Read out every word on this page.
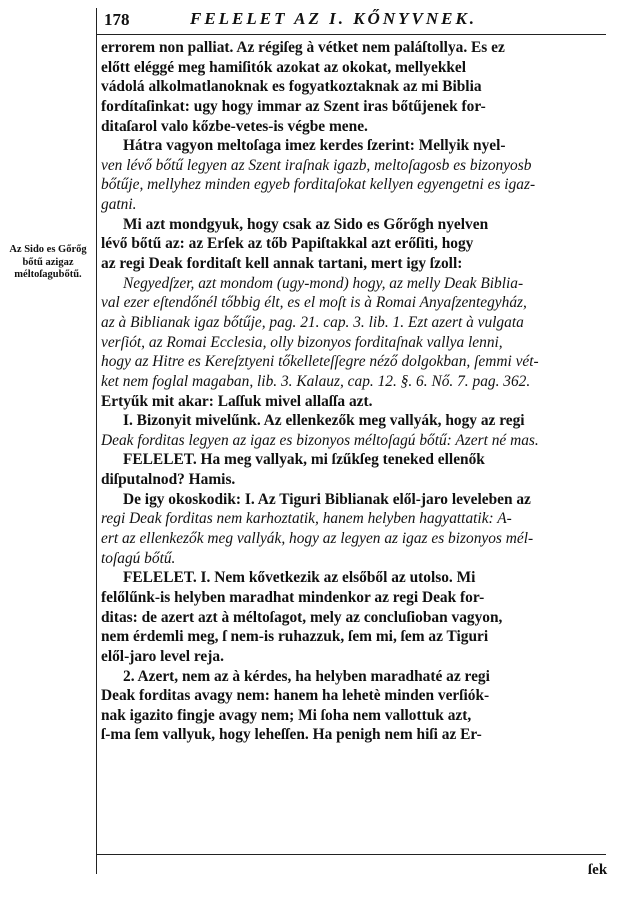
178	FELELET AZ I. KŐNYVNEK.
Az Sido es Gőrőg bőtű azigaz méltoſagubőtű.
errorem non palliat. Az régiſeg à vétket nem paláſtollya. Es ez
előtt eléggé meg hamiſitók azokat az okokat, mellyekkel
vádolá alkolmatlanoknak es fogyatkoztaknak az mi Biblia
fordítaſinkat: ugy hogy immar az Szent iras bőtűjenek for-
ditaſarol valo kőzbe-vetes-is végbe mene.
Hátra vagyon meltoſaga imez kerdes ſzerint: Mellyik nyel-
ven lévő bőtű legyen az Szent iraſnak igazb, meltoſagosb es bizonyosb
bőtűje, mellyhez minden egyeb forditaſokat kellyen egyengetni es igaz-
gatni.
Mi azt mondgyuk, hogy csak az Sido es Gőrőgh nyelven
lévő bőtű az: az Erſek az tőb Papiſtakkal azt erőſiti, hogy
az regi Deak forditaſt kell annak tartani, mert igy ſzoll:
Negyedſzer, azt mondom (ugy-mond) hogy, az melly Deak Biblia-
val ezer eſtendőnél tőbbig élt, es el moſt is à Romai Anyaſzentegyház,
az à Biblianak igaz bőtűje, pag. 21. cap. 3. lib. 1. Ezt azert à vulgata
verſiót, az Romai Ecclesia, olly bizonyos forditaſnak vallya lenni,
hogy az Hitre es Kereſztyeni tőkelleteſſegre néző dolgokban, ſemmi vét-
ket nem foglal magaban, lib. 3. Kalauz, cap. 12. §. 6. Nő. 7. pag. 362.
Ertyűk mit akar: Laſſuk mivel allaſſa azt.
I. Bizonyit mivelűnk. Az ellenkezők meg vallyák, hogy az regi
Deak forditas legyen az igaz es bizonyos méltoſagú bőtű: Azert né mas.
FELELET. Ha meg vallyak, mi ſzűkſeg teneked ellenők
diſputalnod? Hamis.
De igy okoskodik: I. Az Tiguri Biblianak elől-jaro leveleben az
regi Deak forditas nem karhoztatik, hanem helyben hagyattatik: A-
ert az ellenkezők meg vallyák, hogy az legyen az igaz es bizonyos mél-
toſagú bőtű.
FELELET. I. Nem kővetkezik az elsőből az utolso. Mi
felőlűnk-is helyben maradhat mindenkor az regi Deak for-
ditas: de azert azt à méltoſagot, mely az concluſioban vagyon,
nem érdemli meg, ſ nem-is ruhazzuk, ſem mi, ſem az Tiguri
elől-jaro level reja.
2. Azert, nem az à kérdes, ha helyben maradhaté az regi
Deak forditas avagy nem: hanem ha lehetè minden verſiók-
nak igazito fingje avagy nem; Mi ſoha nem vallottuk azt,
ſ-ma ſem vallyuk, hogy leheſſen. Ha penigh nem hiſi az Er-
ſek
